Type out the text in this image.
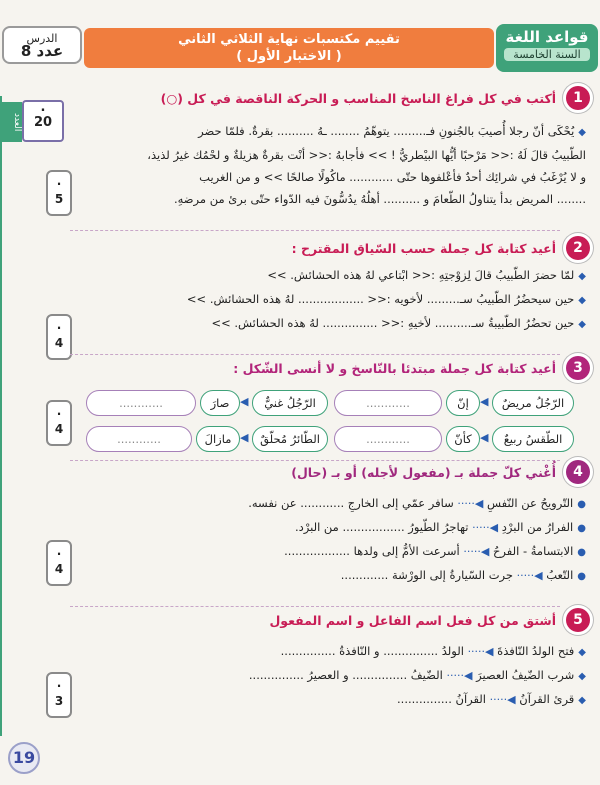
الدرس
عدد 8
تقييم مكتسبات نهاية الثلاثي الثاني
( الاختبار الأول )
قواعد اللغة
السنة الخامسة
العدد
.
20
1
أكتب في كل فراغ الناسخ المناسب و الحركة الناقصة في كل (○)
◆يُحْكَى أنّ رجلا أُصيبَ بالجُنونِ فـ......... يتوهّمُ ........ ـهُ .......... بقرةٌ. فلمّا حضر
الطّبيبُ قالَ لَهُ :<< مَرْحبًا أيُّها البيْطريُّ ! >> فأجابهُ :<< أنْت بقرةٌ هزيلةٌ و لحْمُك غيرُ لذيذ،
و لا يُرْغَبُ في شرائِك أحدٌ فأعْلفوها حتّى ............ ماكُولًا صالحًا >> و من الغريب
........ المريض بدأ يتناولُ الطّعامَ و .......... أهلُهُ يدُسُّونَ فيه الدّواء حتّى برئ من مرضهِ.
.
5
2
أعيد كتابة كل جملة حسب السّياق المقترح :
◆لمّا حضرَ الطّبيبُ قالَ لِزوْجتِهِ :<< ابْتاعي لهُ هذه الحشائش. >>
◆حين سيحضُرُ الطّبيبُ سـ......... لأخويه :<< .................. لهُ هذه الحشائش. >>
◆حين تحضُرُ الطّبيبةُ سـ.......... لأخيهِ :<< ............... لهُ هذه الحشائش. >>
.
4
3
أعيد كتابة كل جملة مبتدئا بالنّاسخ و لا أنسى الشّكل :
الرّجُلُ مريضٌ
◀
إنّ
............
الرّجُلُ غنيٌّ
◀
صارَ
............
الطّقسُ ربيعٌ
◀
كأنّ
............
الطّائرُ مُحلّقٌ
◀
مازالَ
............
.
4
4
أُغْني كلّ جملة بـ (مفعول لأجله) أو بـ (حال)
●التّرويحُ عن النّفسِ ◀····· سافر عمّي إلى الخارجِ ............ عن نفسه.
●الفرارُ من البرْدِ ◀····· تهاجرُ الطّيورُ ................. من البرْد.
●الابتسامةُ - الفرحُ ◀····· أسرعت الأمُّ إلى ولدها ..................
●التّعبُ ◀····· جرت السّيارةُ إلى الورْشة .............
.
4
5
أشتق من كل فعل اسم الفاعل و اسم المفعول
◆فتح الولدُ النّافذةَ ◀····· الولدُ ............... و النّافذةُ ...............
◆شرب الضّيفُ العصيرَ ◀····· الضّيفُ ............... و العصيرُ ...............
◆قرئ القرآنُ ◀····· القرآنُ ...............
.
3
19
